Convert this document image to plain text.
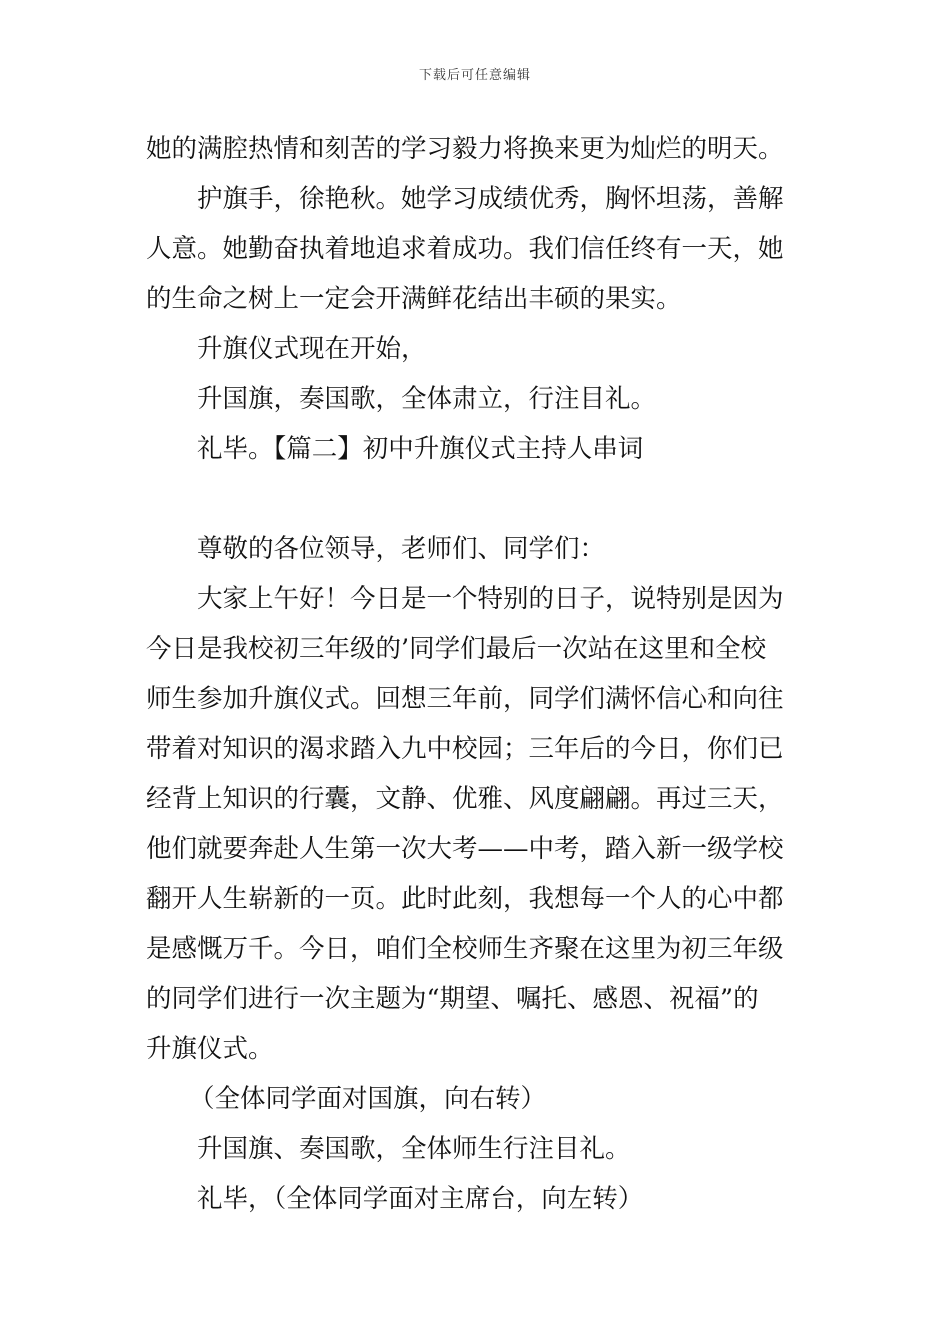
下载后可任意编辑
她的满腔热情和刻苦的学习毅力将换来更为灿烂的明天。
护旗手，徐艳秋。她学习成绩优秀，胸怀坦荡，善解
人意。她勤奋执着地追求着成功。我们信任终有一天，她
的生命之树上一定会开满鲜花结出丰硕的果实。
升旗仪式现在开始，
升国旗，奏国歌，全体肃立，行注目礼。
礼毕。【篇二】初中升旗仪式主持人串词
尊敬的各位领导，老师们、同学们：
大家上午好！今日是一个特别的日子，说特别是因为
今日是我校初三年级的’同学们最后一次站在这里和全校
师生参加升旗仪式。回想三年前，同学们满怀信心和向往
带着对知识的渴求踏入九中校园；三年后的今日，你们已
经背上知识的行囊，文静、优雅、风度翩翩。再过三天，
他们就要奔赴人生第一次大考——中考，踏入新一级学校
翻开人生崭新的一页。此时此刻，我想每一个人的心中都
是感慨万千。今日，咱们全校师生齐聚在这里为初三年级
的同学们进行一次主题为“期望、嘱托、感恩、祝福”的
升旗仪式。
（全体同学面对国旗，向右转）
升国旗、奏国歌，全体师生行注目礼。
礼毕，（全体同学面对主席台，向左转）
